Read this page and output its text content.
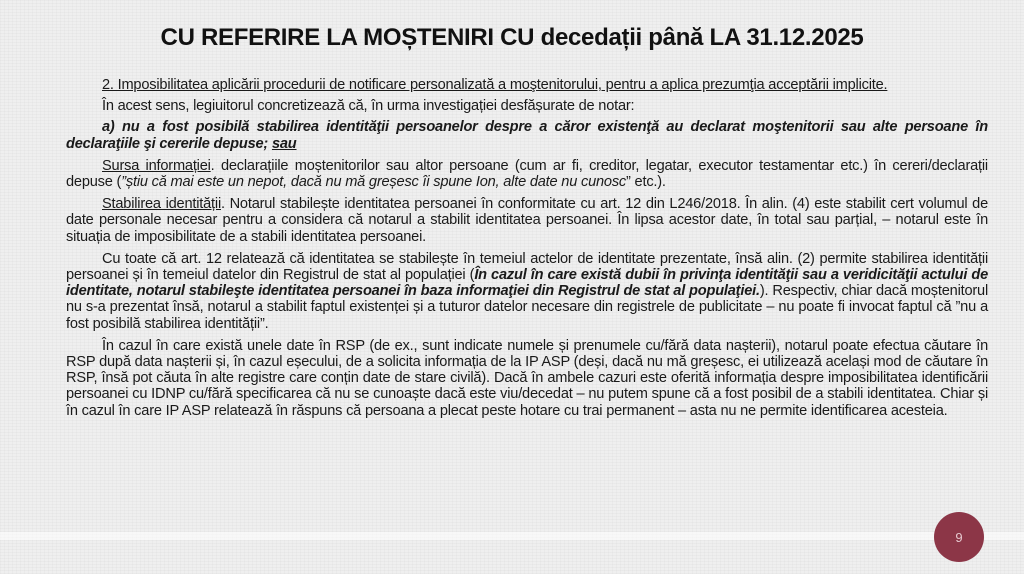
CU REFERIRE LA MOȘTENIRI CU decedații până LA 31.12.2025

2. Imposibilitatea aplicării procedurii de notificare personalizată a moştenitorului, pentru a aplica prezumţia acceptării implicite.

În acest sens, legiuitorul concretizează că, în urma investigației desfășurate de notar:

a) nu a fost posibilă stabilirea identităţii persoanelor despre a căror existenţă au declarat moştenitorii sau alte persoane în declaraţiile şi cererile depuse; sau

Sursa informației. declarațiile moștenitorilor sau altor persoane (cum ar fi, creditor, legatar, executor testamentar etc.) în cereri/declarații depuse (”știu că mai este un nepot, dacă nu mă greșesc îi spune Ion, alte date nu cunosc” etc.).

Stabilirea identității. Notarul stabilește identitatea persoanei în conformitate cu art. 12 din L246/2018. În alin. (4) este stabilit cert volumul de date personale necesar pentru a considera că notarul a stabilit identitatea persoanei. În lipsa acestor date, în total sau parțial, – notarul este în situația de imposibilitate de a stabili identitatea persoanei.

Cu toate că art. 12 relatează că identitatea se stabilește în temeiul actelor de identitate prezentate, însă alin. (2) permite stabilirea identității persoanei și în temeiul datelor din Registrul de stat al populației (În cazul în care există dubii în privinţa identităţii sau a veridicităţii actului de identitate, notarul stabileşte identitatea persoanei în baza informaţiei din Registrul de stat al populaţiei.). Respectiv, chiar dacă moștenitorul nu s-a prezentat însă, notarul a stabilit faptul existenței și a tuturor datelor necesare din registrele de publicitate – nu poate fi invocat faptul că ”nu a fost posibilă stabilirea identității”.

În cazul în care există unele date în RSP (de ex., sunt indicate numele și prenumele cu/fără data nașterii), notarul poate efectua căutare în RSP după data nașterii și, în cazul eșecului, de a solicita informația de la IP ASP (deși, dacă nu mă greșesc, ei utilizează același mod de căutare în RSP, însă pot căuta în alte registre care conțin date de stare civilă). Dacă în ambele cazuri este oferită informația despre imposibilitatea identificării persoanei cu IDNP cu/fără specificarea că nu se cunoaște dacă este viu/decedat – nu putem spune că a fost posibil de a stabili identitatea. Chiar și în cazul în care IP ASP relatează în răspuns că persoana a plecat peste hotare cu trai permanent – asta nu ne permite identificarea acesteia.

9
